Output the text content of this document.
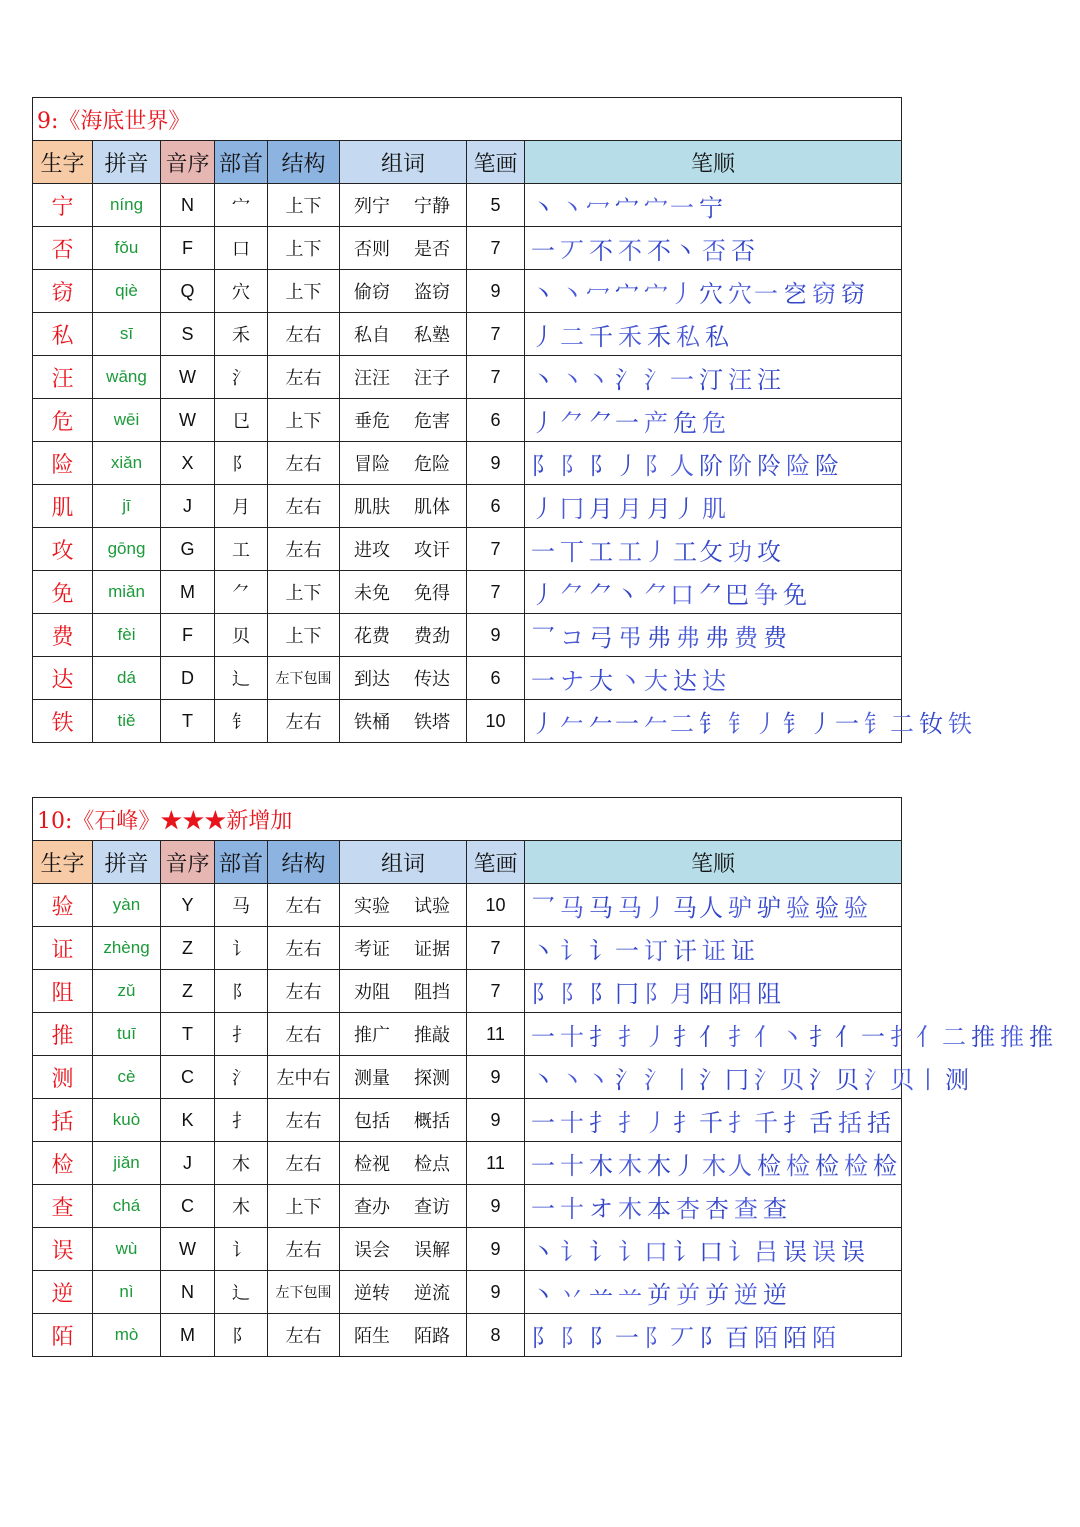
9:《海底世界》							
生字	拼音	音序	部首	结构	组词	笔画	笔顺
宁	níng	N	宀	上下	列宁 宁静	5	丶 丶冖 宀 宀一 宁
否	fǒu	F	口	上下	否则 是否	7	一 丆 不 不 不丶 否 否
窃	qiè	Q	穴	上下	偷窃 盗窃	9	丶 丶冖 宀 宀丿 穴 穴一 穵 窃 窃
私	sī	S	禾	左右	私自 私塾	7	丿 二 千 禾 禾 私 私
汪	wāng	W	氵	左右	汪汪 汪子	7	丶 丶丶 氵 氵一 汀 汪 汪
危	wēi	W	㔾	上下	垂危 危害	6	丿 ⺈ ⺈一 产 危 危
险	xiǎn	X	阝	左右	冒险 危险	9	阝 阝 阝丿 阝人 阶 阶 阾 险 险
肌	jī	J	月	左右	肌肤 肌体	6	丿 冂 月 月 月丿 肌
攻	gōng	G	工	左右	进攻 攻讦	7	一 丅 工 工丿 工攵 功 攻
免	miǎn	M	⺈	上下	未免 免得	7	丿 ⺈ ⺈丶 ⺈口 ⺈巴 争 免
费	fèi	F	贝	上下	花费 费劲	9	乛 コ 弓 弔 弗 弗 弗 费 费
达	dá	D	辶	左下包围	到达 传达	6	一 ナ 大 丶大 达 达
铁	tiě	T	钅	左右	铁桶 铁塔	10	丿 𠂉 𠂉一 𠂉二 钅 钅丿 钅丿一 钅二 钕 铁
10:《石峰》★★★新增加							
生字	拼音	音序	部首	结构	组词	笔画	笔顺
验	yàn	Y	马	左右	实验 试验	10	乛 马 马 马丿 马人 驴 驴 验 验 验
证	zhèng	Z	讠	左右	考证 证据	7	丶 讠 讠一 订 讦 证 证
阻	zǔ	Z	阝	左右	劝阻 阻挡	7	阝 阝 阝冂 阝月 阳 阳 阻
推	tuī	T	扌	左右	推广 推敲	11	一 十 扌 扌丿 扌亻 扌亻丶 扌亻一 扌亻二 推 推 推
测	cè	C	氵	左中右	测量 探测	9	丶 丶丶 氵 氵丨 氵冂 氵贝 氵贝 氵贝丨 测
括	kuò	K	扌	左右	包括 概括	9	一 十 扌 扌丿 扌千 扌千 扌舌 括 括
检	jiǎn	J	木	左右	检视 检点	11	一 十 木 木 木丿 木人 检 检 检 检 检
查	chá	C	木	上下	查办 查访	9	一 十 オ 木 本 杏 杏 查 查
误	wù	W	讠	左右	误会 误解	9	丶 讠 讠 讠口 讠口 讠吕 误 误 误
逆	nì	N	辶	左下包围	逆转 逆流	9	丶 丷 䒑 䒑 屰 屰 屰 逆 逆
陌	mò	M	阝	左右	陌生 陌路	8	阝 阝 阝一 阝丆 阝百 陌 陌 陌
